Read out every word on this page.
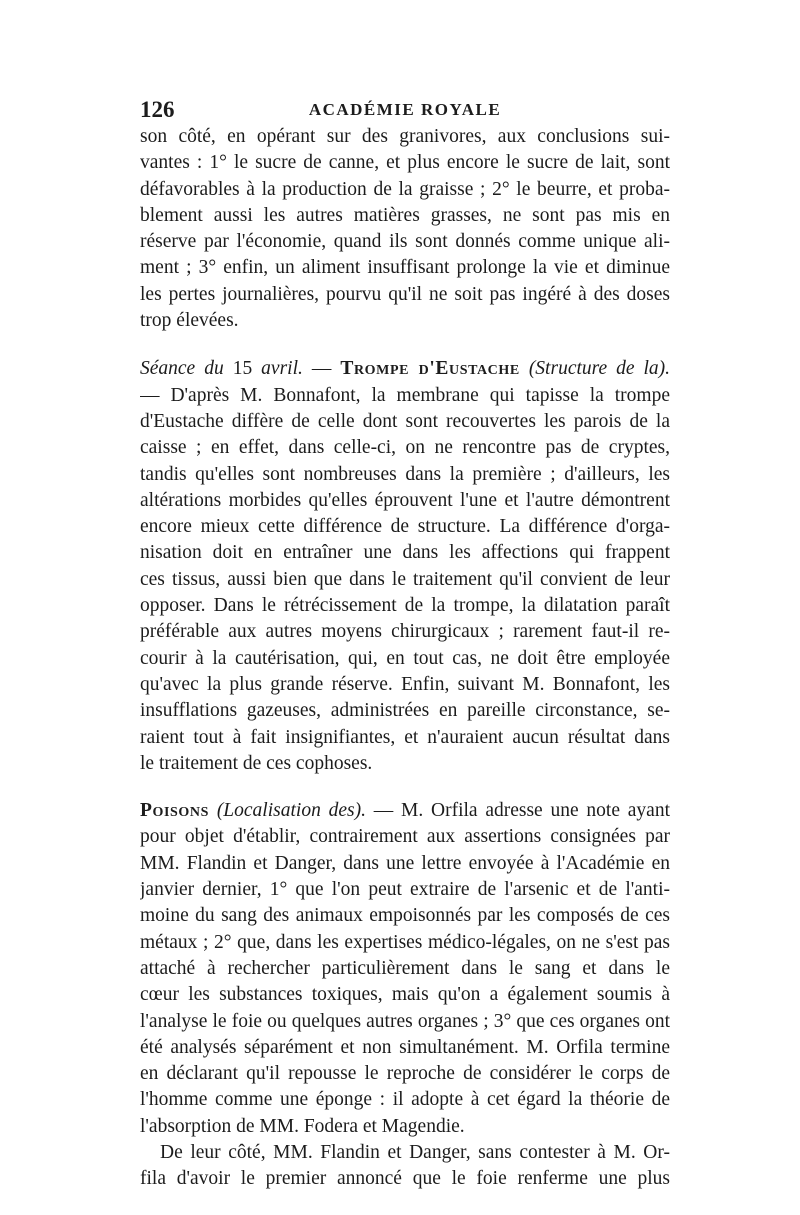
126	ACADÉMIE ROYALE
son côté, en opérant sur des granivores, aux conclusions sui-
vantes : 1° le sucre de canne, et plus encore le sucre de lait, sont
défavorables à la production de la graisse ; 2° le beurre, et proba-
blement aussi les autres matières grasses, ne sont pas mis en
réserve par l'économie, quand ils sont donnés comme unique ali-
ment ; 3° enfin, un aliment insuffisant prolonge la vie et diminue
les pertes journalières, pourvu qu'il ne soit pas ingéré à des doses
trop élevées.
Séance du 15 avril. — Trompe d'Eustache (Structure de la).
— D'après M. Bonnafont, la membrane qui tapisse la trompe
d'Eustache diffère de celle dont sont recouvertes les parois de la
caisse ; en effet, dans celle-ci, on ne rencontre pas de cryptes,
tandis qu'elles sont nombreuses dans la première ; d'ailleurs, les
altérations morbides qu'elles éprouvent l'une et l'autre démontrent
encore mieux cette différence de structure. La différence d'orga-
nisation doit en entraîner une dans les affections qui frappent
ces tissus, aussi bien que dans le traitement qu'il convient de leur
opposer. Dans le rétrécissement de la trompe, la dilatation paraît
préférable aux autres moyens chirurgicaux ; rarement faut-il re-
courir à la cautérisation, qui, en tout cas, ne doit être employée
qu'avec la plus grande réserve. Enfin, suivant M. Bonnafont, les
insufflations gazeuses, administrées en pareille circonstance, se-
raient tout à fait insignifiantes, et n'auraient aucun résultat dans
le traitement de ces cophoses.
Poisons (Localisation des). — M. Orfila adresse une note ayant
pour objet d'établir, contrairement aux assertions consignées par
MM. Flandin et Danger, dans une lettre envoyée à l'Académie en
janvier dernier, 1° que l'on peut extraire de l'arsenic et de l'anti-
moine du sang des animaux empoisonnés par les composés de ces
métaux ; 2° que, dans les expertises médico-légales, on ne s'est pas
attaché à rechercher particulièrement dans le sang et dans le
cœur les substances toxiques, mais qu'on a également soumis à
l'analyse le foie ou quelques autres organes ; 3° que ces organes ont
été analysés séparément et non simultanément. M. Orfila termine
en déclarant qu'il repousse le reproche de considérer le corps de
l'homme comme une éponge : il adopte à cet égard la théorie de
l'absorption de MM. Fodera et Magendie.
De leur côté, MM. Flandin et Danger, sans contester à M. Or-
fila d'avoir le premier annoncé que le foie renferme une plus
